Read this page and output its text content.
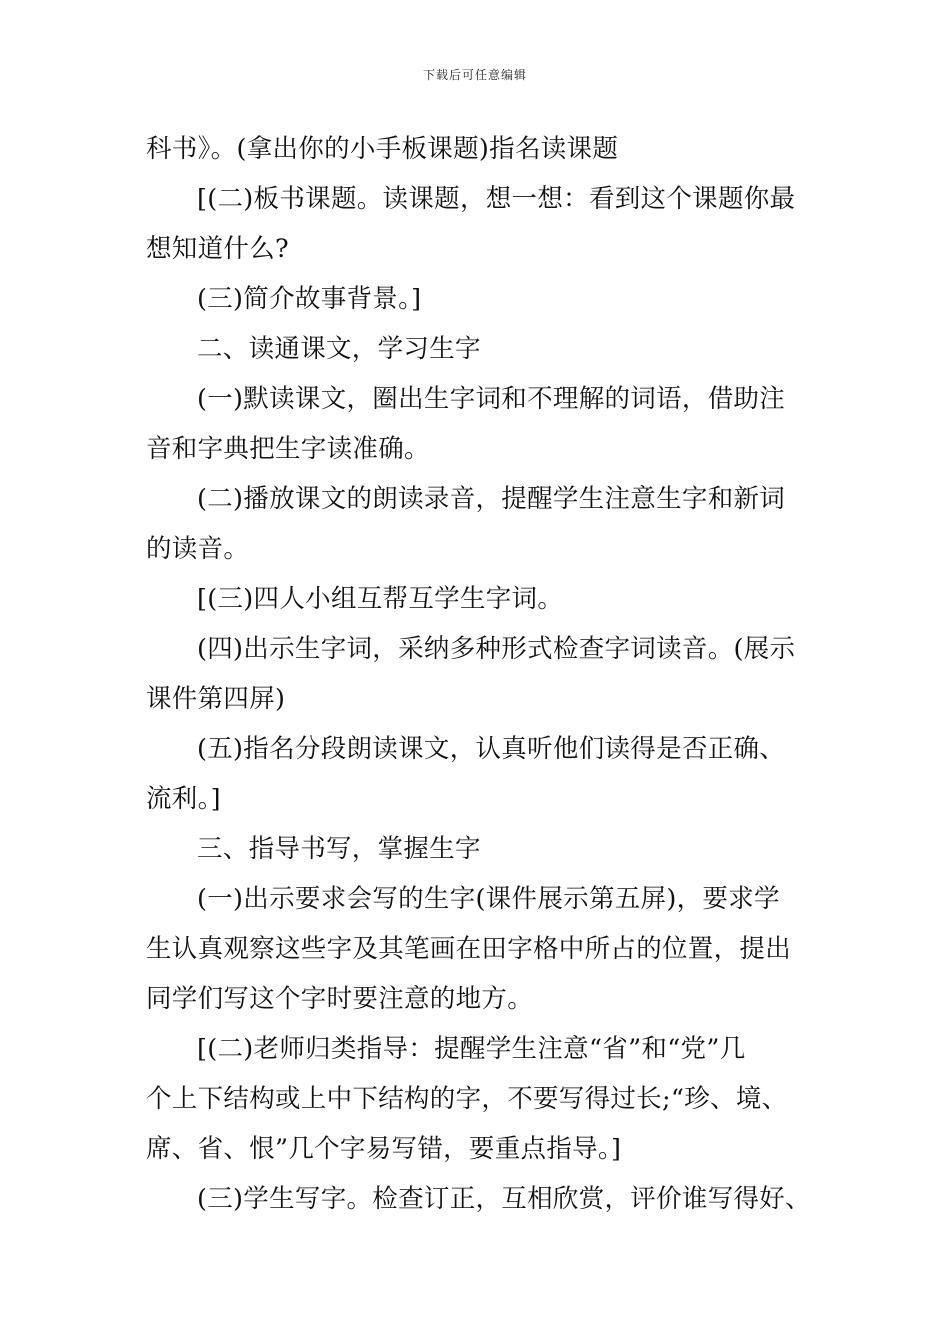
下载后可任意编辑
科书》。(拿出你的小手板课题)指名读课题
[(二)板书课题。读课题，想一想：看到这个课题你最
想知道什么?
(三)简介故事背景。]
二、读通课文，学习生字
(一)默读课文，圈出生字词和不理解的词语，借助注
音和字典把生字读准确。
(二)播放课文的朗读录音，提醒学生注意生字和新词
的读音。
[(三)四人小组互帮互学生字词。
(四)出示生字词，采纳多种形式检查字词读音。(展示
课件第四屏)
(五)指名分段朗读课文，认真听他们读得是否正确、
流利。]
三、指导书写，掌握生字
(一)出示要求会写的生字(课件展示第五屏)，要求学
生认真观察这些字及其笔画在田字格中所占的位置，提出
同学们写这个字时要注意的地方。
[(二)老师归类指导：提醒学生注意“省”和“党”几
个上下结构或上中下结构的字，不要写得过长;“珍、境、
席、省、恨”几个字易写错，要重点指导。]
(三)学生写字。检查订正，互相欣赏，评价谁写得好、
